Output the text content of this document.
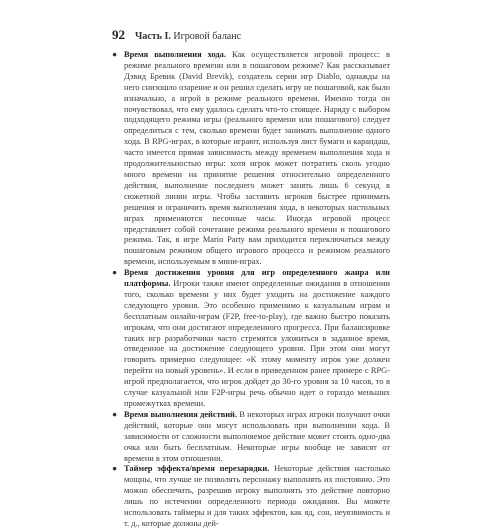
92 Часть I. Игровой баланс
● Время выполнения хода. Как осуществляется игровой процесс: в режиме реального времени или в пошаговом режиме? Как рассказывает Дэвид Бревик (David Brevik), создатель серии игр Diablo, однажды на него снизошло озарение и он решил сделать игру не пошаговой, как было изначально, а игрой в режиме реального времени. Именно тогда он почувствовал, что ему удалось сделать что-то стоящее. Наряду с выбором подходящего режима игры (реального времени или пошагового) следует определиться с тем, сколько времени будет занимать выполнение одного хода. В RPG-играх, в которые играют, используя лист бумаги и карандаш, часто имеется прямая зависимость между временем выполнения хода и продолжительностью игры: хотя игрок может потратить сколь угодно много времени на принятие решения относительно определенного действия, выполнение последнего может занять лишь 6 секунд в сюжетной линии игры. Чтобы заставить игроков быстрее принимать решения и ограничить время выполнения хода, в некоторых настольных играх применяются песочные часы. Иногда игровой процесс представляет собой сочетание режима реального времени и пошагового режима. Так, в игре Mario Party вам приходится переключаться между пошаговым режимом общего игрового процесса и режимом реального времени, используемым в мини-играх.
● Время достижения уровня для игр определенного жанра или платформы. Игроки также имеют определенные ожидания в отношении того, сколько времени у них будет уходить на достижение каждого следующего уровня. Это особенно применимо к казуальным играм и бесплатным онлайн-играм (F2P, free-to-play), где важно быстро показать игрокам, что они достигают определенного прогресса. При балансировке таких игр разработчики часто стремятся уложиться в заданное время, отведенное на достижение следующего уровня. При этом они могут говорить примерно следующее: «К этому моменту игрок уже должен перейти на новый уровень». И если в приведенном ранее примере с RPG-игрой предполагается, что игрок дойдет до 30-го уровня за 10 часов, то в случае казуальной или F2P-игры речь обычно идет о гораздо меньших промежутках времени.
● Время выполнения действий. В некоторых играх игроки получают очки действий, которые они могут использовать при выполнении хода. В зависимости от сложности выполняемое действие может стоить одно-два очка или быть бесплатным. Некоторые игры вообще не зависят от времени в этом отношении.
● Таймер эффекта/время перезарядки. Некоторые действия настолько мощны, что лучше не позволять персонажу выполнять их постоянно. Это можно обеспечить, разрешив игроку выполнять это действие повторно лишь по истечении определенного периода ожидания. Вы можете использовать таймеры и для таких эффектов, как яд, сон, неуязвимость и т. д., которые должны дей-
